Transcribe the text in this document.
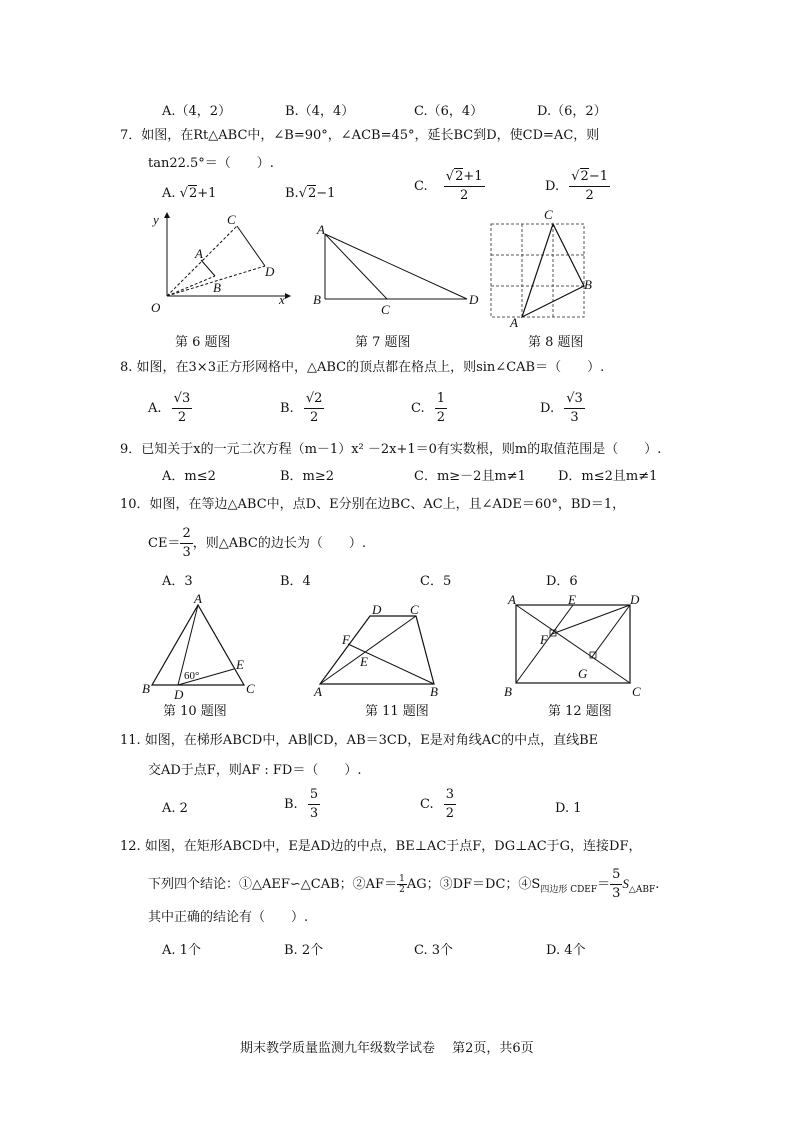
A.（4，2）	B.（4，4）	C.（6，4）	D.（6，2）
7．如图，在Rt△ABC中，∠B=90°，∠ACB=45°，延长BC到D，使CD=AC，则
tan22.5°＝（　　）.
A. √2+1	B.√2−1	C. $\frac{√2+1}{2}$	D. $\frac{√2-1}{2}$
y
x
O
A
B
C
D
第 6 题图
A
B
C
D
第 7 题图
A
B
C
第 8 题图
8. 如图，在3×3正方形网格中，△ABC的顶点都在格点上，则sin∠CAB＝（　　）.
A. $\frac{√3}{2}$	B. $\frac{√2}{2}$	C. $\frac{1}{2}$	D. $\frac{√3}{3}$
9．已知关于x的一元二次方程（m－1）x² －2x+1＝0有实数根，则m的取值范围是（　　）.
A．m≤2	B．m≥2	C．m≥－2且m≠1 D．m≤2且m≠1
10．如图，在等边△ABC中，点D、E分别在边BC、AC上，且∠ADE＝60°，BD＝1，
$CE= \frac{2}{3}$ ，则△ABC的边长为（　　）.
A．3	B．4	C．5	D．6
A
B	C
D
E
60°
第 10 题图
A	B
C
D
E
F
第 11 题图
A
B	C
D
E
F
G
第 12 题图
11. 如图，在梯形ABCD中，AB∥CD，AB＝3CD，E是对角线AC的中点，直线BE
交AD于点F，则AF : FD＝（　　）.
A. 2	B. $\frac{5}{3}$	C. $\frac{3}{2}$	D. 1
12. 如图，在矩形ABCD中，E是AD边的中点，BE⊥AC于点F，DG⊥AC于G，连接DF，
下列四个结论：①△AEF∽△CAB；②AF＝ $\frac{1}{2}$ AG；③DF＝DC；$④S_{四边形 CDEF}= \frac{5}{3} S_{\triangle ABF}$.
其中正确的结论有（　　）.
A. 1个	B. 2个	C. 3个	D. 4个
期末教学质量监测九年级数学试卷　 第2页，共6页
